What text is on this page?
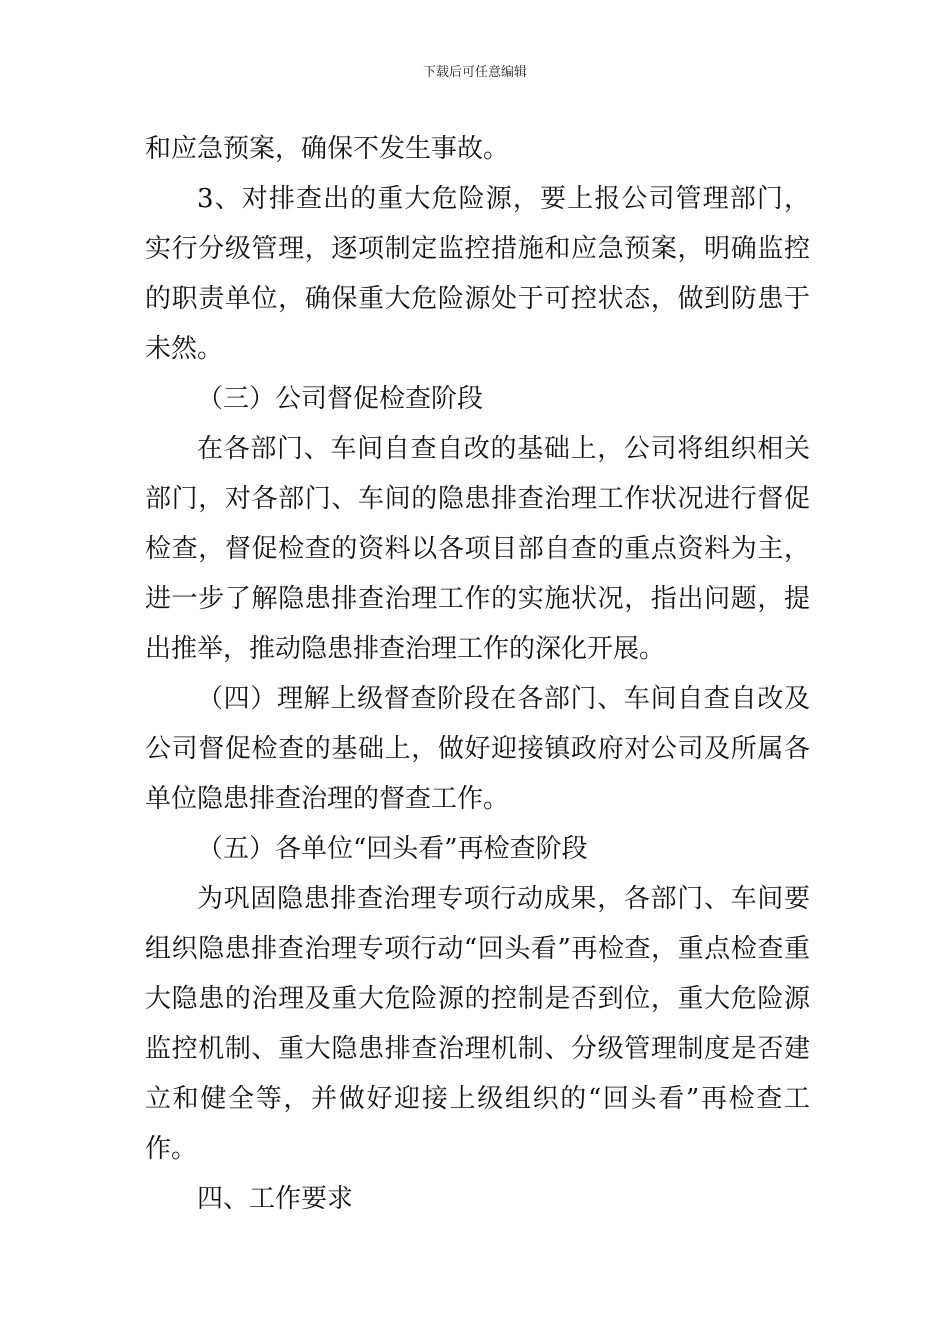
下载后可任意编辑

和应急预案，确保不发生事故。

3、对排查出的重大危险源，要上报公司管理部门，实行分级管理，逐项制定监控措施和应急预案，明确监控的职责单位，确保重大危险源处于可控状态，做到防患于未然。

（三）公司督促检查阶段

在各部门、车间自查自改的基础上，公司将组织相关部门，对各部门、车间的隐患排查治理工作状况进行督促检查，督促检查的资料以各项目部自查的重点资料为主，进一步了解隐患排查治理工作的实施状况，指出问题，提出推举，推动隐患排查治理工作的深化开展。

（四）理解上级督查阶段在各部门、车间自查自改及公司督促检查的基础上，做好迎接镇政府对公司及所属各单位隐患排查治理的督查工作。

（五）各单位“回头看”再检查阶段

为巩固隐患排查治理专项行动成果，各部门、车间要组织隐患排查治理专项行动“回头看”再检查，重点检查重大隐患的治理及重大危险源的控制是否到位，重大危险源监控机制、重大隐患排查治理机制、分级管理制度是否建立和健全等，并做好迎接上级组织的“回头看”再检查工作。

四、工作要求
